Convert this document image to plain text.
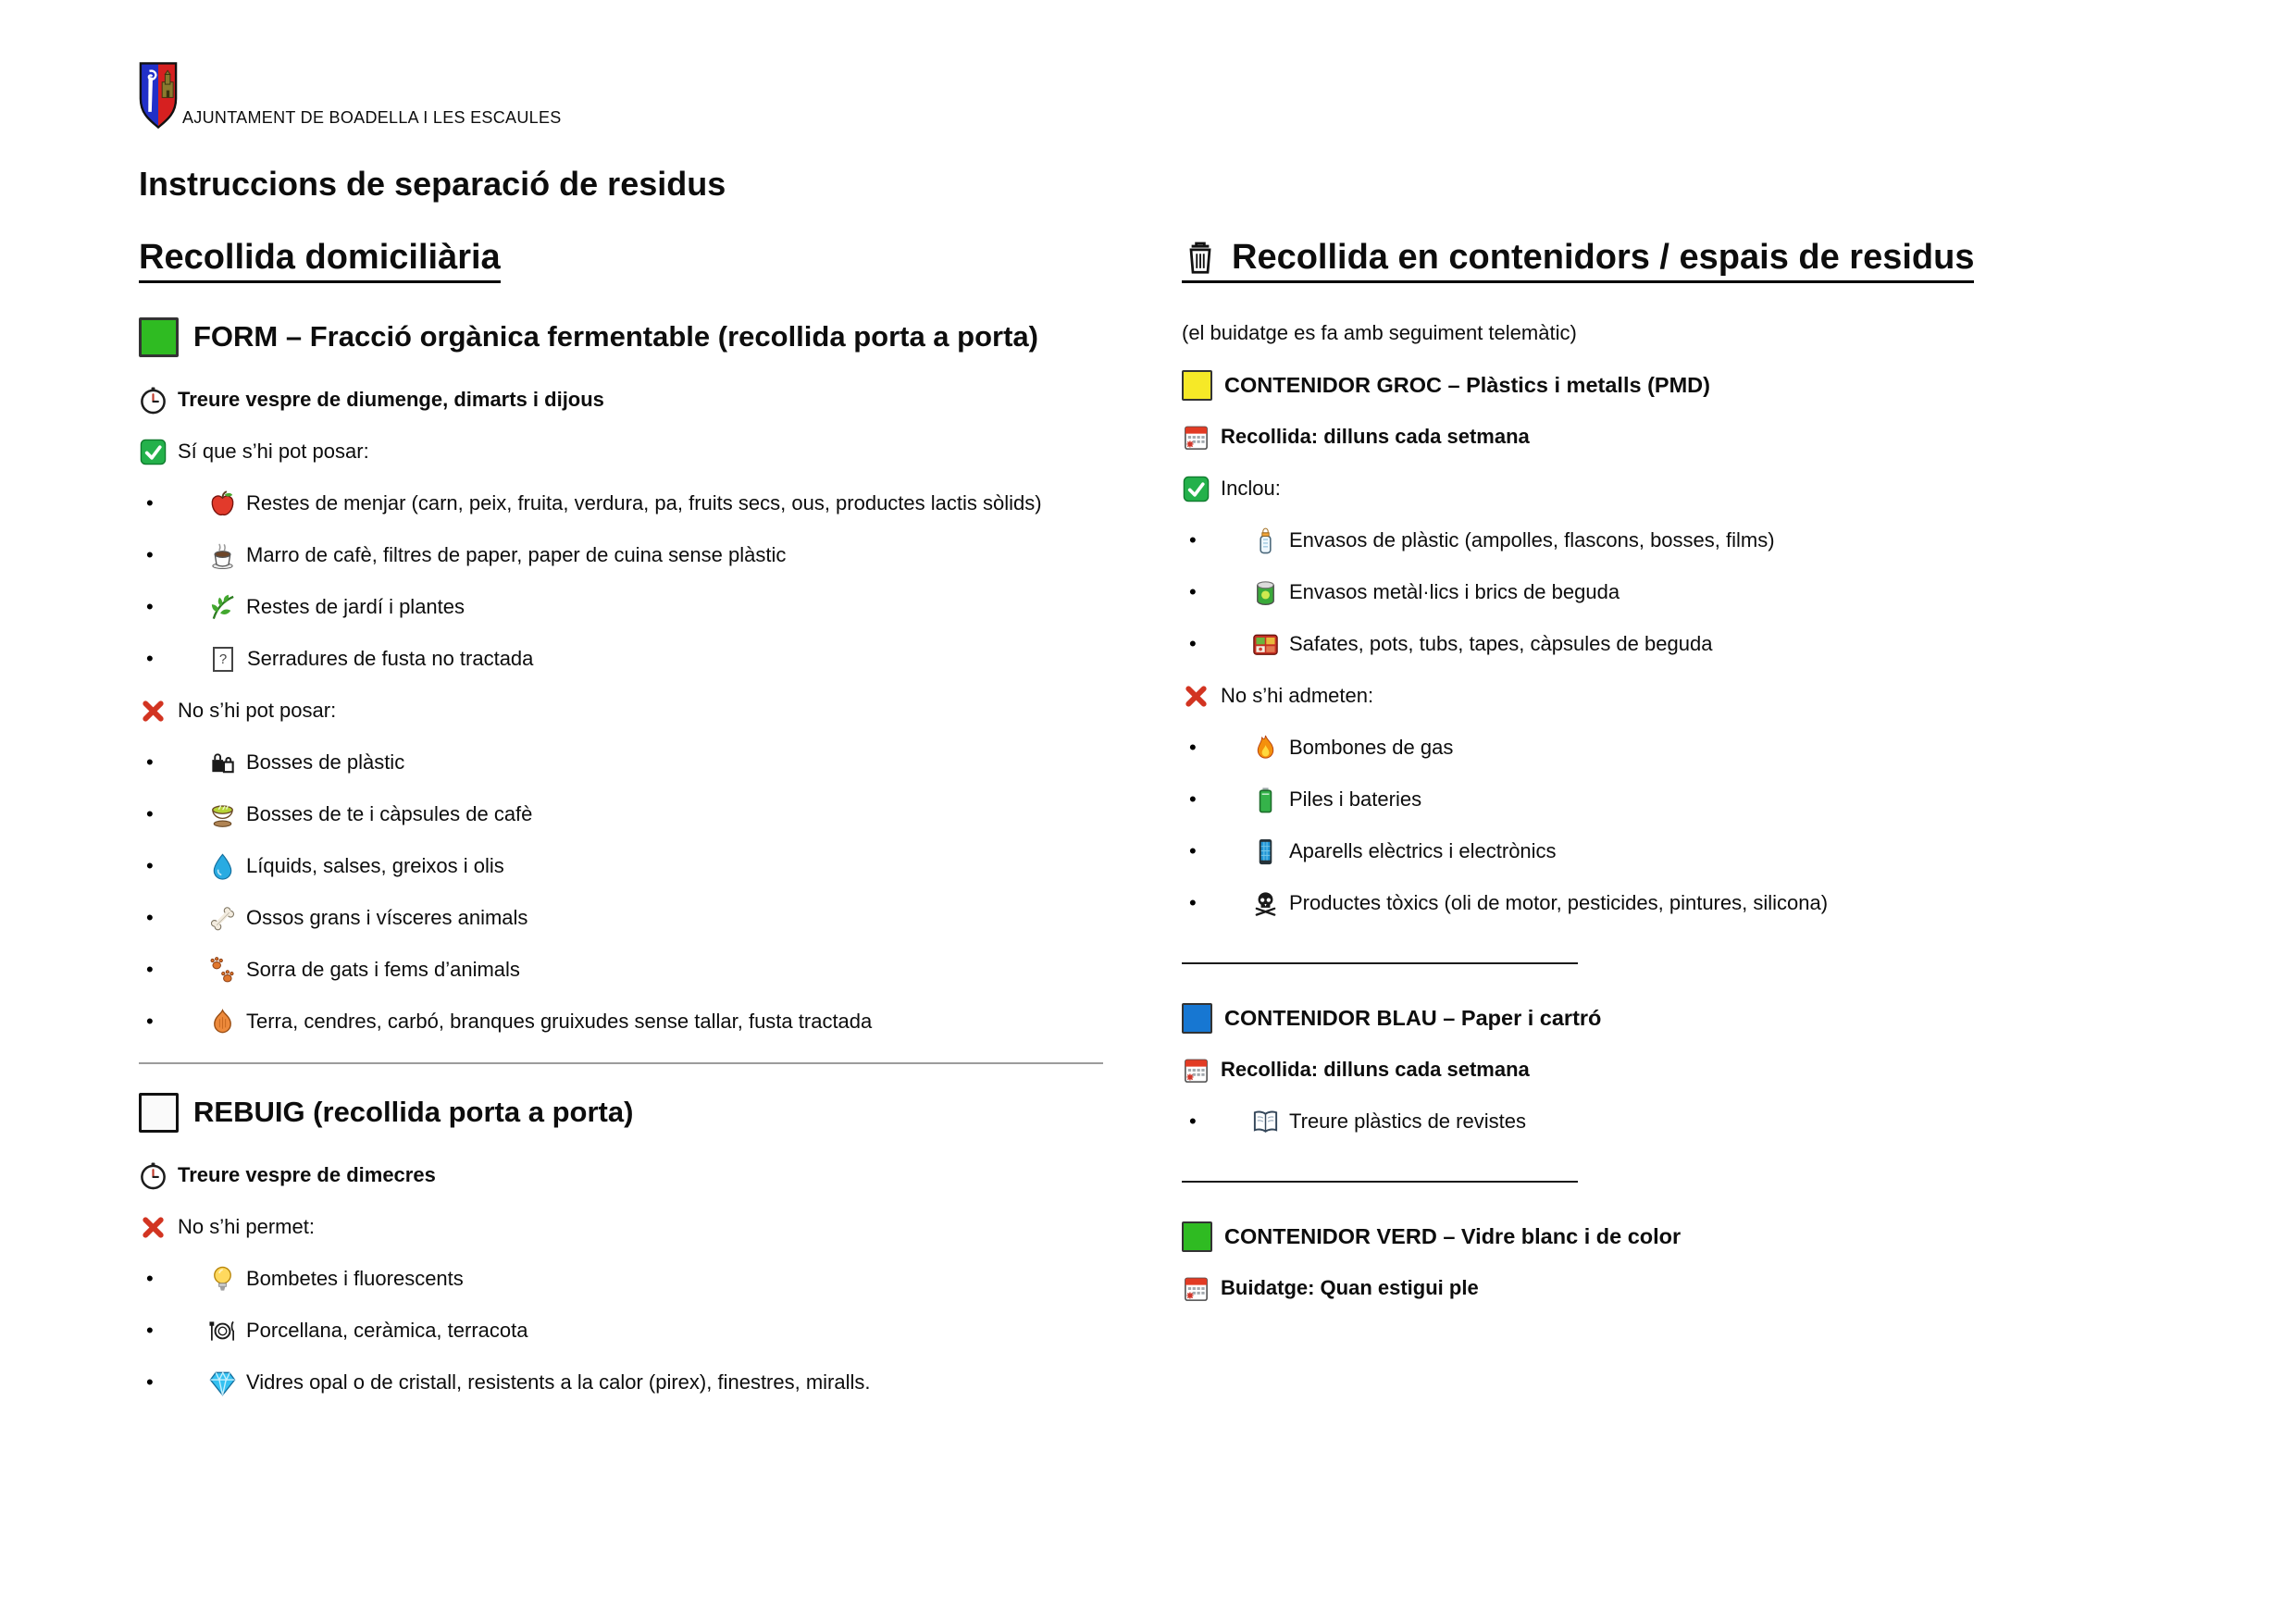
AJUNTAMENT DE BOADELLA I LES ESCAULES
Instruccions de separació de residus
Recollida domiciliària
FORM – Fracció orgànica fermentable (recollida porta a porta)
Treure vespre de diumenge, dimarts i dijous
Sí que s’hi pot posar:
•
Restes de menjar (carn, peix, fruita, verdura, pa, fruits secs, ous, productes lactis sòlids)
•
Marro de cafè, filtres de paper, paper de cuina sense plàstic
•
Restes de jardí i plantes
•
?
Serradures de fusta no tractada
No s’hi pot posar:
•
Bosses de plàstic
•
Bosses de te i càpsules de cafè
•
Líquids, salses, greixos i olis
•
Ossos grans i vísceres animals
•
Sorra de gats i fems d’animals
•
Terra, cendres, carbó, branques gruixudes sense tallar, fusta tractada
REBUIG (recollida porta a porta)
Treure vespre de dimecres
No s’hi permet:
•
Bombetes i fluorescents
•
Porcellana, ceràmica, terracota
•
Vidres opal o de cristall, resistents a la calor (pirex), finestres, miralls.
Recollida en contenidors / espais de residus
(el buidatge es fa amb seguiment telemàtic)
CONTENIDOR GROC – Plàstics i metalls (PMD)
Recollida: dilluns cada setmana
Inclou:
•
Envasos de plàstic (ampolles, flascons, bosses, films)
•
Envasos metàl·lics i brics de beguda
•
Safates, pots, tubs, tapes, càpsules de beguda
No s’hi admeten:
•
Bombones de gas
•
Piles i bateries
•
Aparells elèctrics i electrònics
•
Productes tòxics (oli de motor, pesticides, pintures, silicona)
CONTENIDOR BLAU – Paper i cartró
Recollida: dilluns cada setmana
•
Treure plàstics de revistes
CONTENIDOR VERD – Vidre blanc i de color
Buidatge: Quan estigui ple
